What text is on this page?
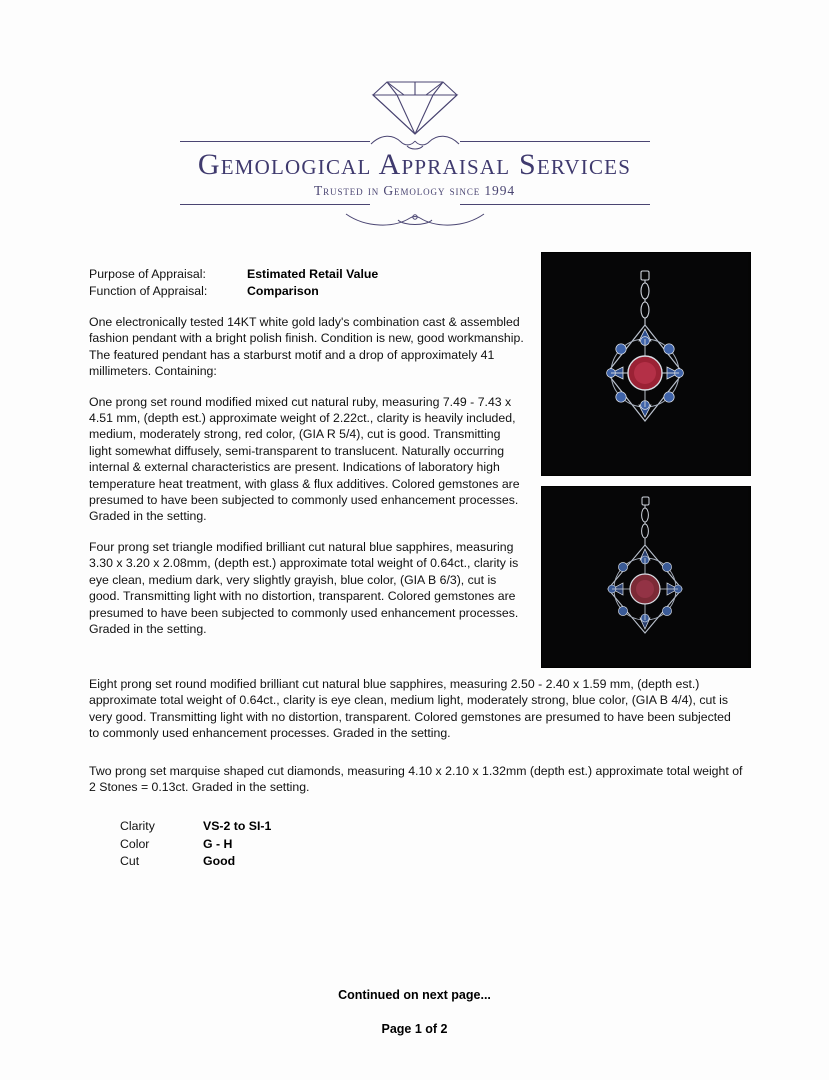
Gemological Appraisal Services
Trusted in Gemology since 1994
Purpose of Appraisal:	Estimated Retail Value
Function of Appraisal:	Comparison

One electronically tested 14KT white gold lady's combination cast & assembled fashion pendant with a bright polish finish. Condition is new, good workmanship. The featured pendant has a starburst motif and a drop of approximately 41 millimeters. Containing:

One prong set round modified mixed cut natural ruby, measuring 7.49 - 7.43 x 4.51 mm, (depth est.) approximate weight of 2.22ct., clarity is heavily included, medium, moderately strong, red color, (GIA R 5/4), cut is good. Transmitting light somewhat diffusely, semi-transparent to translucent. Naturally occurring internal & external characteristics are present. Indications of laboratory high temperature heat treatment, with glass & flux additives. Colored gemstones are presumed to have been subjected to commonly used enhancement processes. Graded in the setting.

Four prong set triangle modified brilliant cut natural blue sapphires, measuring 3.30 x 3.20 x 2.08mm, (depth est.) approximate total weight of 0.64ct., clarity is eye clean, medium dark, very slightly grayish, blue color, (GIA B 6/3), cut is good. Transmitting light with no distortion, transparent. Colored gemstones are presumed to have been subjected to commonly used enhancement processes. Graded in the setting.

Eight prong set round modified brilliant cut natural blue sapphires, measuring 2.50 - 2.40 x 1.59 mm, (depth est.) approximate total weight of 0.64ct., clarity is eye clean, medium light, moderately strong, blue color, (GIA B 4/4), cut is very good. Transmitting light with no distortion, transparent. Colored gemstones are presumed to have been subjected to commonly used enhancement processes. Graded in the setting.

Two prong set marquise shaped cut diamonds, measuring 4.10 x 2.10 x 1.32mm (depth est.) approximate total weight of 2 Stones = 0.13ct. Graded in the setting.

Clarity	VS-2 to SI-1
Color	G - H
Cut	Good
Continued on next page...
Page 1 of 2
